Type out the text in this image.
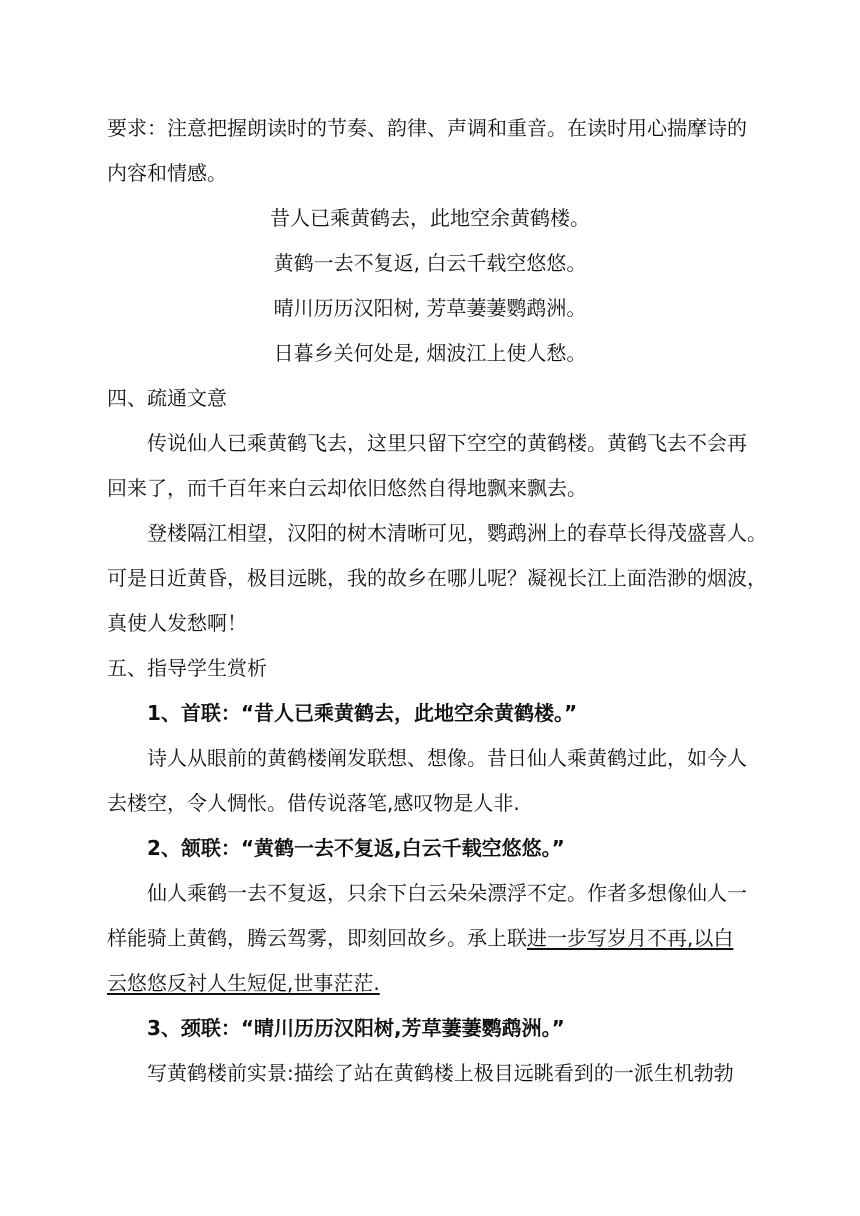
要求：注意把握朗读时的节奏、韵律、声调和重音。在读时用心揣摩诗的
内容和情感。
昔人已乘黄鹤去，此地空余黄鹤楼。
黄鹤一去不复返, 白云千载空悠悠。
晴川历历汉阳树, 芳草萋萋鹦鹉洲。
日暮乡关何处是, 烟波江上使人愁。
四、疏通文意
传说仙人已乘黄鹤飞去，这里只留下空空的黄鹤楼。黄鹤飞去不会再
回来了，而千百年来白云却依旧悠然自得地飘来飘去。
登楼隔江相望，汉阳的树木清晰可见，鹦鹉洲上的春草长得茂盛喜人。
可是日近黄昏，极目远眺，我的故乡在哪儿呢？凝视长江上面浩渺的烟波，
真使人发愁啊！
五、指导学生赏析
1、首联：“昔人已乘黄鹤去，此地空余黄鹤楼。”
诗人从眼前的黄鹤楼阐发联想、想像。昔日仙人乘黄鹤过此，如今人
去楼空，令人惆怅。借传说落笔,感叹物是人非.
2、颔联：“黄鹤一去不复返,白云千载空悠悠。”
仙人乘鹤一去不复返，只余下白云朵朵漂浮不定。作者多想像仙人一
样能骑上黄鹤，腾云驾雾，即刻回故乡。承上联进一步写岁月不再,以白
云悠悠反衬人生短促,世事茫茫.
3、颈联：“晴川历历汉阳树,芳草萋萋鹦鹉洲。”
写黄鹤楼前实景:描绘了站在黄鹤楼上极目远眺看到的一派生机勃勃
